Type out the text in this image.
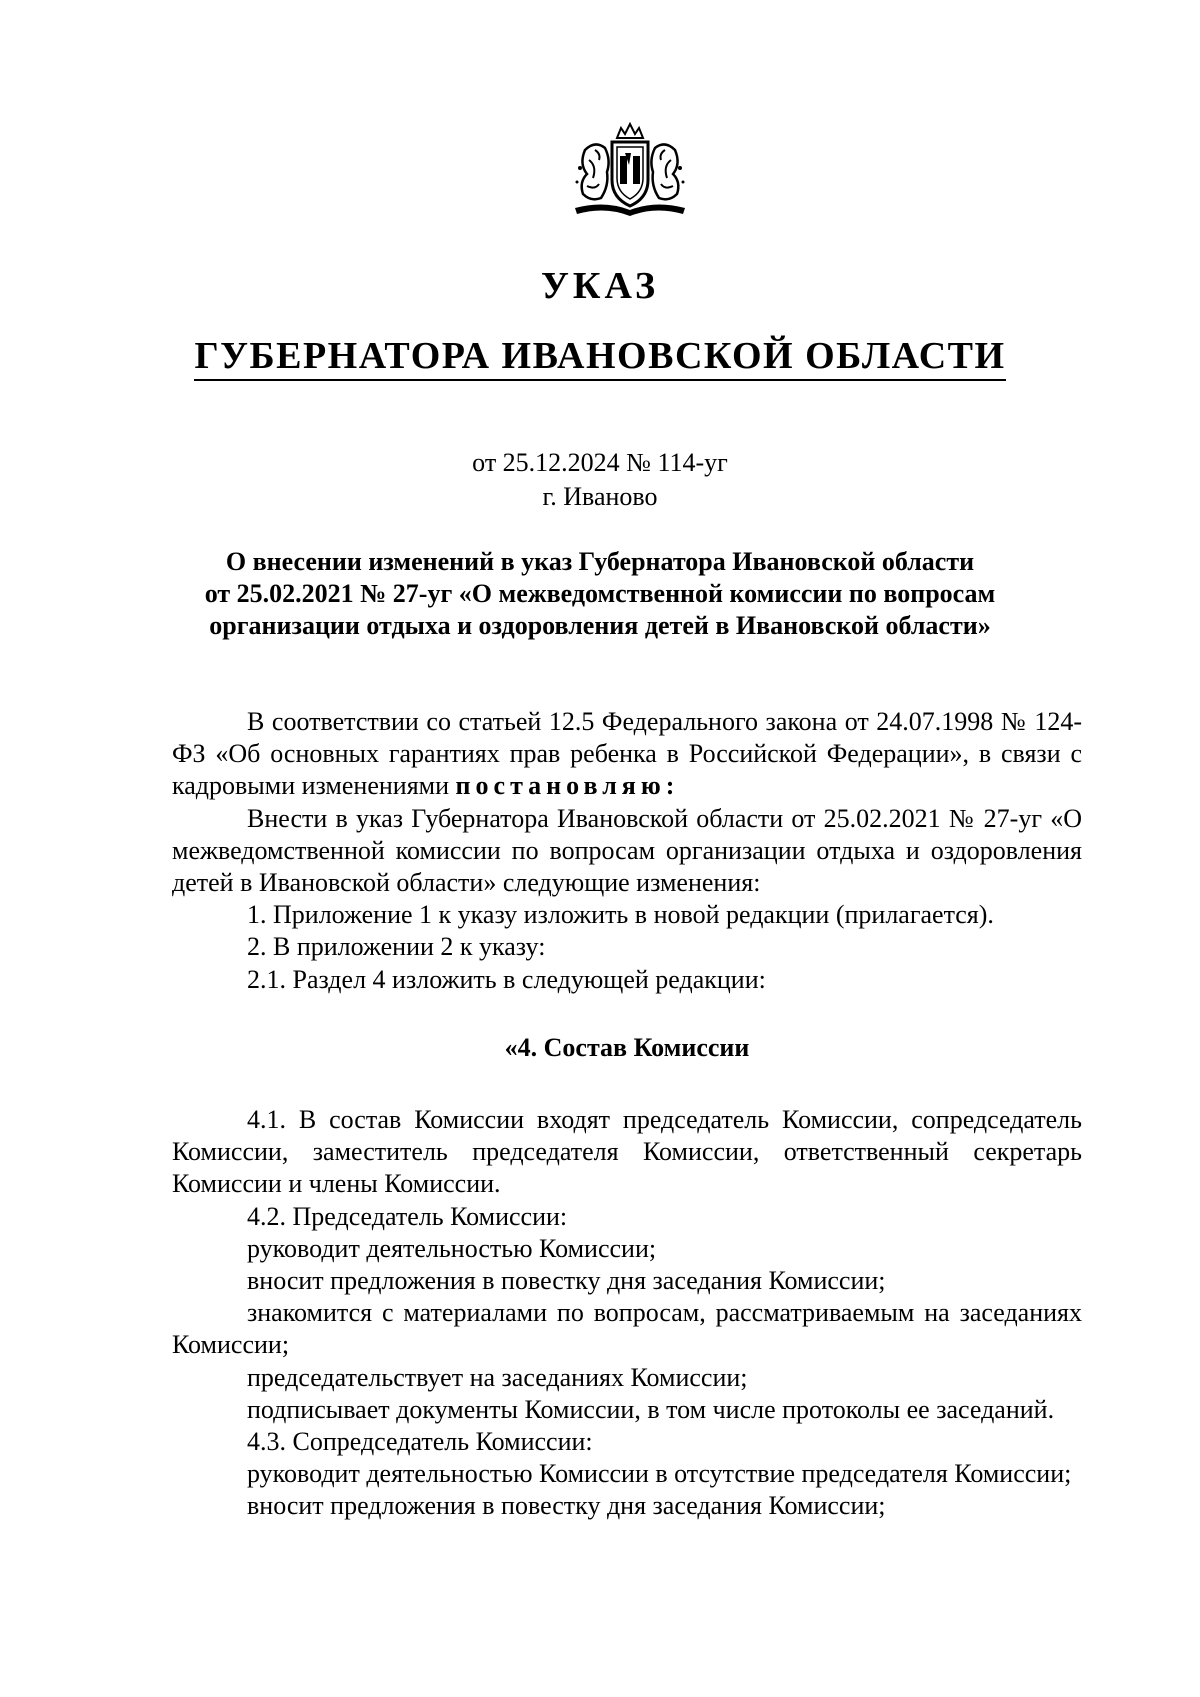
УКАЗ
ГУБЕРНАТОРА ИВАНОВСКОЙ ОБЛАСТИ
от 25.12.2024 № 114-уг
г. Иваново
О внесении изменений в указ Губернатора Ивановской области
от 25.02.2021 № 27-уг «О межведомственной комиссии по вопросам
организации отдыха и оздоровления детей в Ивановской области»

В соответствии со статьей 12.5 Федерального закона от 24.07.1998 № 124-ФЗ «Об основных гарантиях прав ребенка в Российской Федерации», в связи с кадровыми изменениями постановляю:

Внести в указ Губернатора Ивановской области от 25.02.2021 № 27-уг «О межведомственной комиссии по вопросам организации отдыха и оздоровления детей в Ивановской области» следующие изменения:

1. Приложение 1 к указу изложить в новой редакции (прилагается).

2. В приложении 2 к указу:

2.1. Раздел 4 изложить в следующей редакции:

«4. Состав Комиссии

4.1. В состав Комиссии входят председатель Комиссии, сопредседатель Комиссии, заместитель председателя Комиссии, ответственный секретарь Комиссии и члены Комиссии.

4.2. Председатель Комиссии:

руководит деятельностью Комиссии;

вносит предложения в повестку дня заседания Комиссии;

знакомится с материалами по вопросам, рассматриваемым на заседаниях Комиссии;

председательствует на заседаниях Комиссии;

подписывает документы Комиссии, в том числе протоколы ее заседаний.

4.3. Сопредседатель Комиссии:

руководит деятельностью Комиссии в отсутствие председателя Комиссии;

вносит предложения в повестку дня заседания Комиссии;
